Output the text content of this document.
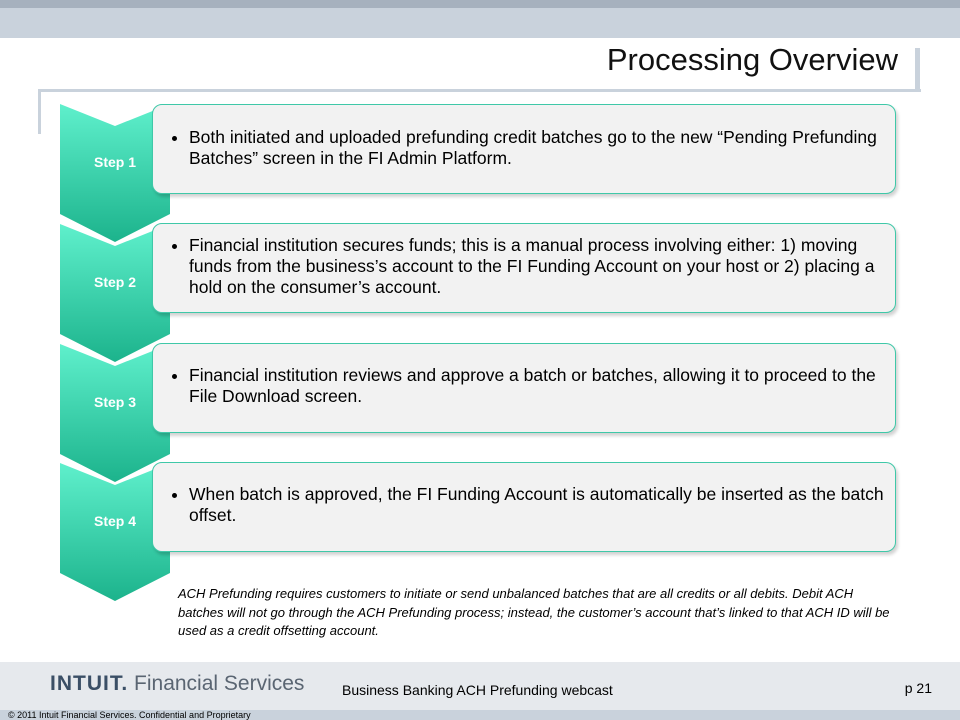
Processing Overview
Step 1
• Both initiated and uploaded prefunding credit batches go to the new “Pending Prefunding Batches” screen in the FI Admin Platform.
Step 2
• Financial institution secures funds; this is a manual process involving either: 1) moving funds from the business’s account to the FI Funding Account on your host or 2) placing a hold on the consumer’s account.
Step 3
• Financial institution reviews and approve a batch or batches, allowing it to proceed to the File Download screen.
Step 4
• When batch is approved, the FI Funding Account is automatically be inserted as the batch offset.
ACH Prefunding requires customers to initiate or send unbalanced batches that are all credits or all debits. Debit ACH batches will not go through the ACH Prefunding process; instead, the customer’s account that’s linked to that ACH ID will be used as a credit offsetting account.
INTUIT. Financial Services	Business Banking ACH Prefunding webcast	p 21
© 2011 Intuit Financial Services. Confidential and Proprietary
